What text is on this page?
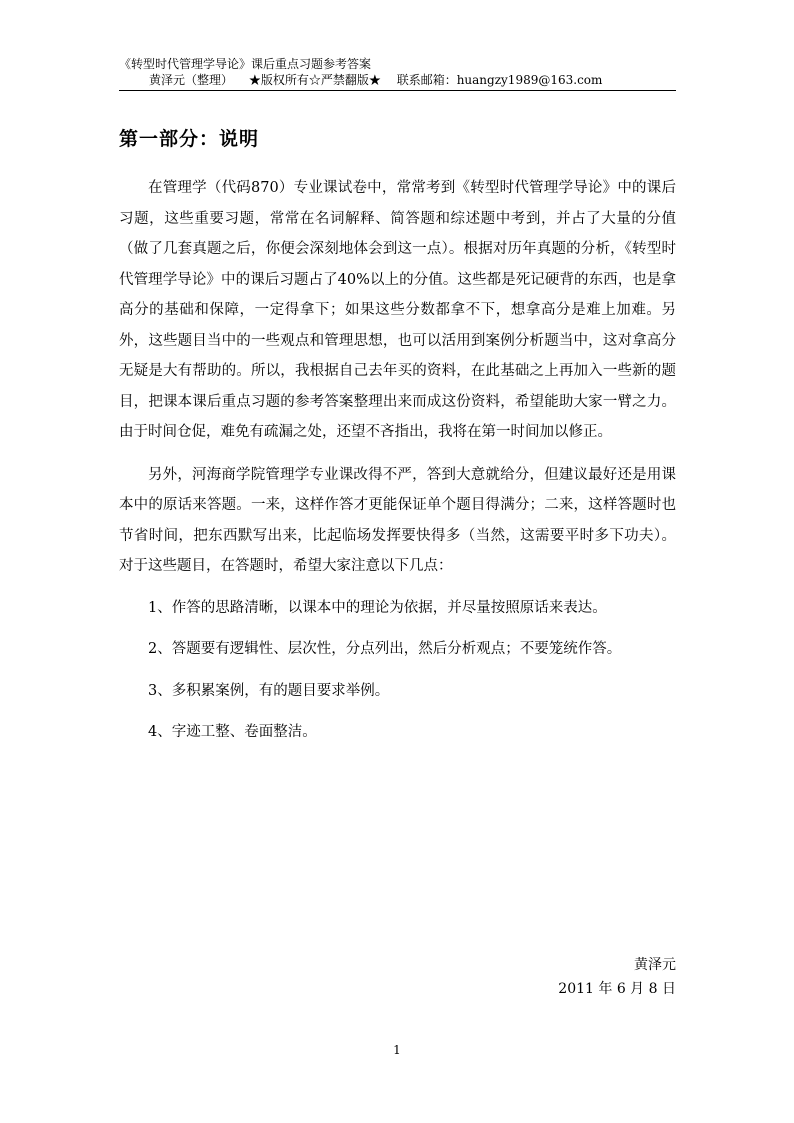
《转型时代管理学导论》课后重点习题参考答案
黄泽元（整理） ★版权所有☆严禁翻版★ 联系邮箱：huangzy1989@163.com
第一部分：说明

在管理学（代码870）专业课试卷中，常常考到《转型时代管理学导论》中的课后习题，这些重要习题，常常在名词解释、简答题和综述题中考到，并占了大量的分值（做了几套真题之后，你便会深刻地体会到这一点）。根据对历年真题的分析，《转型时代管理学导论》中的课后习题占了40%以上的分值。这些都是死记硬背的东西，也是拿高分的基础和保障，一定得拿下；如果这些分数都拿不下，想拿高分是难上加难。另外，这些题目当中的一些观点和管理思想，也可以活用到案例分析题当中，这对拿高分无疑是大有帮助的。所以，我根据自己去年买的资料，在此基础之上再加入一些新的题目，把课本课后重点习题的参考答案整理出来而成这份资料，希望能助大家一臂之力。由于时间仓促，难免有疏漏之处，还望不吝指出，我将在第一时间加以修正。

另外，河海商学院管理学专业课改得不严，答到大意就给分，但建议最好还是用课本中的原话来答题。一来，这样作答才更能保证单个题目得满分；二来，这样答题时也节省时间，把东西默写出来，比起临场发挥要快得多（当然，这需要平时多下功夫）。对于这些题目，在答题时，希望大家注意以下几点：

1、作答的思路清晰，以课本中的理论为依据，并尽量按照原话来表达。

2、答题要有逻辑性、层次性，分点列出，然后分析观点；不要笼统作答。

3、多积累案例，有的题目要求举例。

4、字迹工整、卷面整洁。

黄泽元
2011 年 6 月 8 日
1
